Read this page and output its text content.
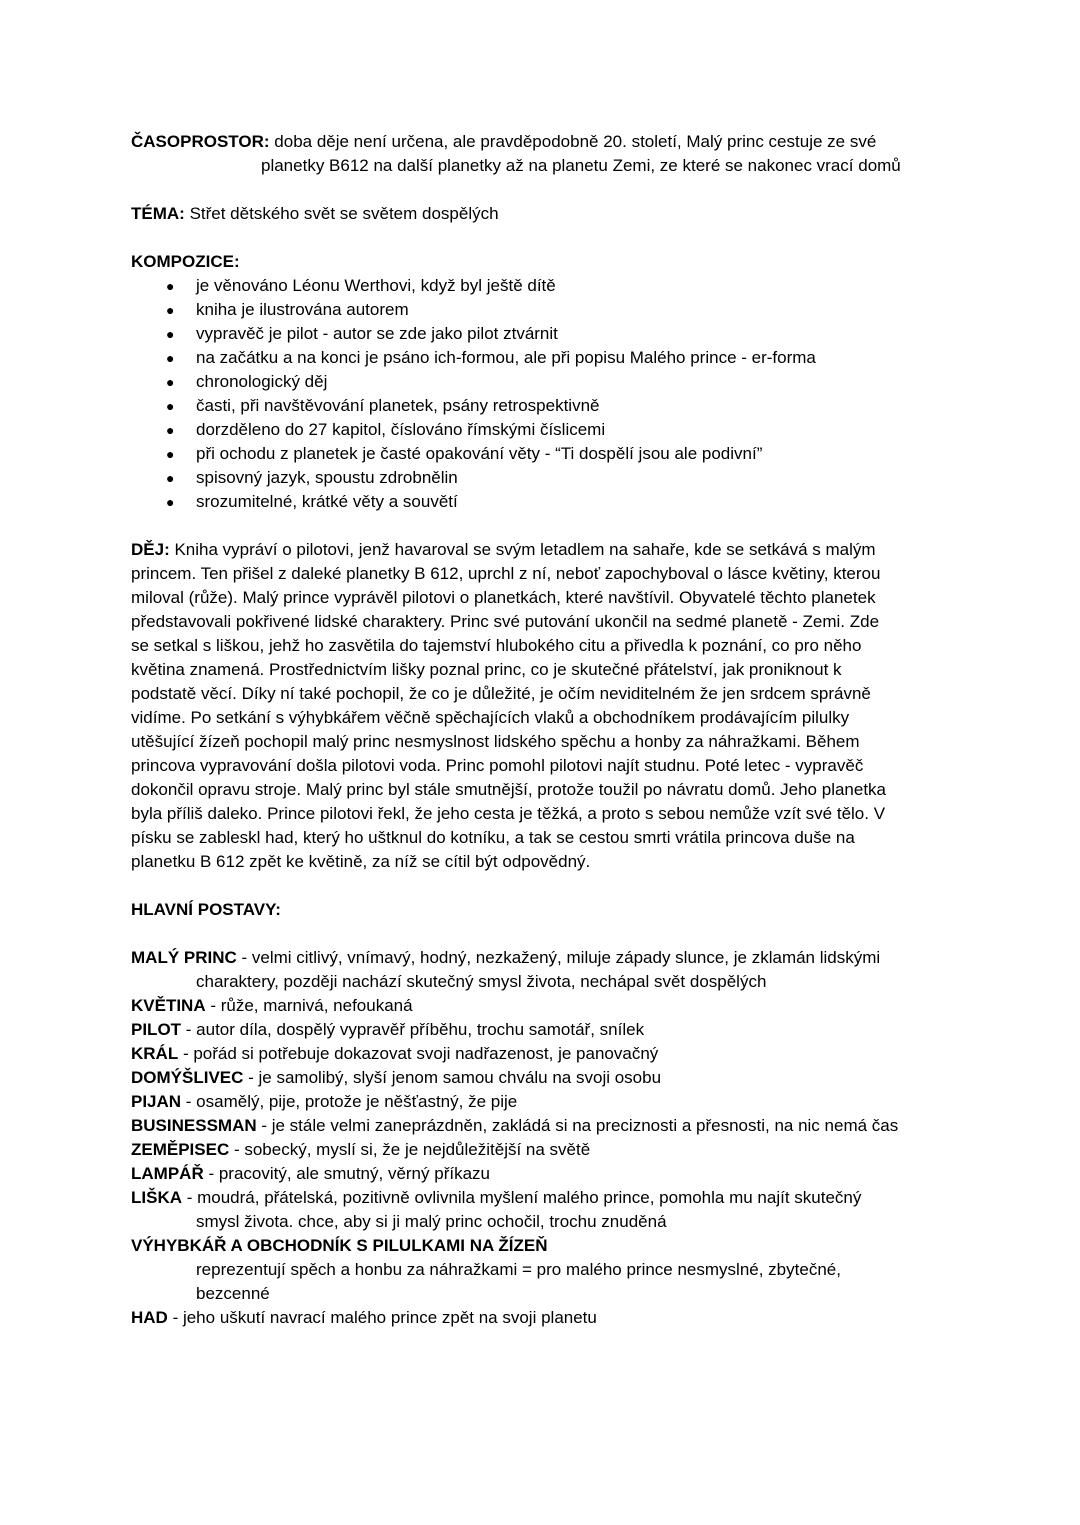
ČASOPROSTOR: doba děje není určena, ale pravděpodobně 20. století, Malý princ cestuje ze své
planetky B612 na další planetky až na planetu Zemi, ze které se nakonec vrací domů
TÉMA: Střet dětského svět se světem dospělých
KOMPOZICE:
● je věnováno Léonu Werthovi, když byl ještě dítě
● kniha je ilustrována autorem
● vypravěč je pilot - autor se zde jako pilot ztvárnit
● na začátku a na konci je psáno ich-formou, ale při popisu Malého prince - er-forma
● chronologický děj
● časti, při navštěvování planetek, psány retrospektivně
● dorzděleno do 27 kapitol, číslováno římskými číslicemi
● při ochodu z planetek je časté opakování věty - “Ti dospělí jsou ale podivní”
● spisovný jazyk, spoustu zdrobnělin
● srozumitelné, krátké věty a souvětí
DĚJ: Kniha vypráví o pilotovi, jenž havaroval se svým letadlem na sahaře, kde se setkává s malým
princem. Ten přišel z daleké planetky B 612, uprchl z ní, neboť zapochyboval o lásce květiny, kterou
miloval (růže). Malý prince vyprávěl pilotovi o planetkách, které navštívil. Obyvatelé těchto planetek
představovali pokřivené lidské charaktery. Princ své putování ukončil na sedmé planetě - Zemi. Zde
se setkal s liškou, jehž ho zasvětila do tajemství hlubokého citu a přivedla k poznání, co pro něho
květina znamená. Prostřednictvím lišky poznal princ, co je skutečné přátelství, jak proniknout k
podstatě věcí. Díky ní také pochopil, že co je důležité, je očím neviditelném že jen srdcem správně
vidíme. Po setkání s výhybkářem věčně spěchajících vlaků a obchodníkem prodávajícím pilulky
utěšující žízeň pochopil malý princ nesmyslnost lidského spěchu a honby za náhražkami. Během
princova vypravování došla pilotovi voda. Princ pomohl pilotovi najít studnu. Poté letec - vypravěč
dokončil opravu stroje. Malý princ byl stále smutnější, protože toužil po návratu domů. Jeho planetka
byla příliš daleko. Prince pilotovi řekl, že jeho cesta je těžká, a proto s sebou nemůže vzít své tělo. V
písku se zableskl had, který ho uštknul do kotníku, a tak se cestou smrti vrátila princova duše na
planetku B 612 zpět ke květině, za níž se cítil být odpovědný.
HLAVNÍ POSTAVY:
MALÝ PRINC - velmi citlivý, vnímavý, hodný, nezkažený, miluje západy slunce, je zklamán lidskými
charaktery, později nachází skutečný smysl života, nechápal svět dospělých
KVĚTINA - růže, marnivá, nefoukaná
PILOT - autor díla, dospělý vypravěř příběhu, trochu samotář, snílek
KRÁL - pořád si potřebuje dokazovat svoji nadřazenost, je panovačný
DOMÝŠLIVEC - je samolibý, slyší jenom samou chválu na svoji osobu
PIJAN - osamělý, pije, protože je něšťastný, že pije
BUSINESSMAN - je stále velmi zaneprázdněn, zakládá si na preciznosti a přesnosti, na nic nemá čas
ZEMĚPISEC - sobecký, myslí si, že je nejdůležitější na světě
LAMPÁŘ - pracovitý, ale smutný, věrný příkazu
LIŠKA - moudrá, přátelská, pozitivně ovlivnila myšlení malého prince, pomohla mu najít skutečný
smysl života. chce, aby si ji malý princ ochočil, trochu znuděná
VÝHYBKÁŘ A OBCHODNÍK S PILULKAMI NA ŽÍZEŇ
reprezentují spěch a honbu za náhražkami = pro malého prince nesmyslné, zbytečné,
bezcenné
HAD - jeho uškutí navrací malého prince zpět na svoji planetu
